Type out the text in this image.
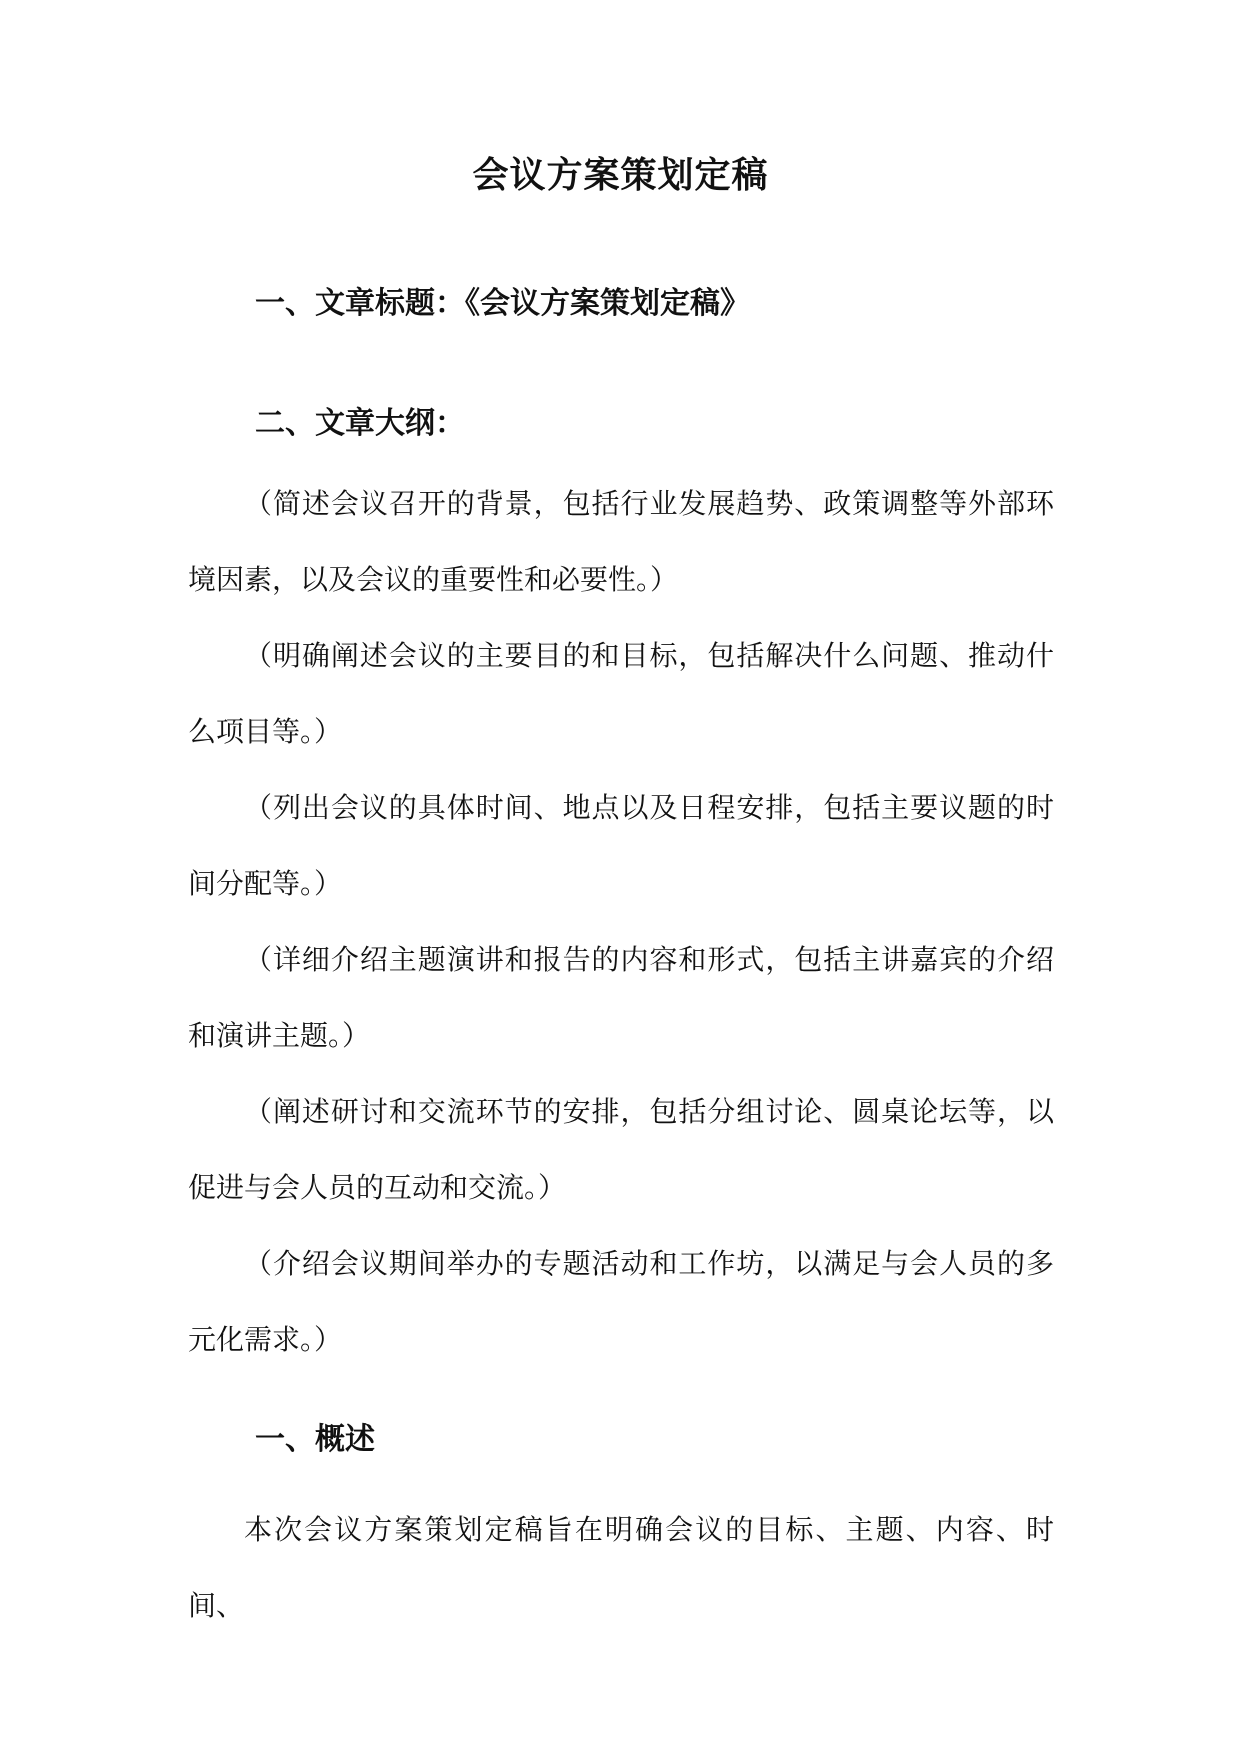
会议方案策划定稿
一、文章标题：《会议方案策划定稿》
二、文章大纲：

（简述会议召开的背景，包括行业发展趋势、政策调整等外部环境因素，以及会议的重要性和必要性。）

（明确阐述会议的主要目的和目标，包括解决什么问题、推动什么项目等。）

（列出会议的具体时间、地点以及日程安排，包括主要议题的时间分配等。）

（详细介绍主题演讲和报告的内容和形式，包括主讲嘉宾的介绍和演讲主题。）

（阐述研讨和交流环节的安排，包括分组讨论、圆桌论坛等，以促进与会人员的互动和交流。）

（介绍会议期间举办的专题活动和工作坊，以满足与会人员的多元化需求。）

一、概述

本次会议方案策划定稿旨在明确会议的目标、主题、内容、时间、
